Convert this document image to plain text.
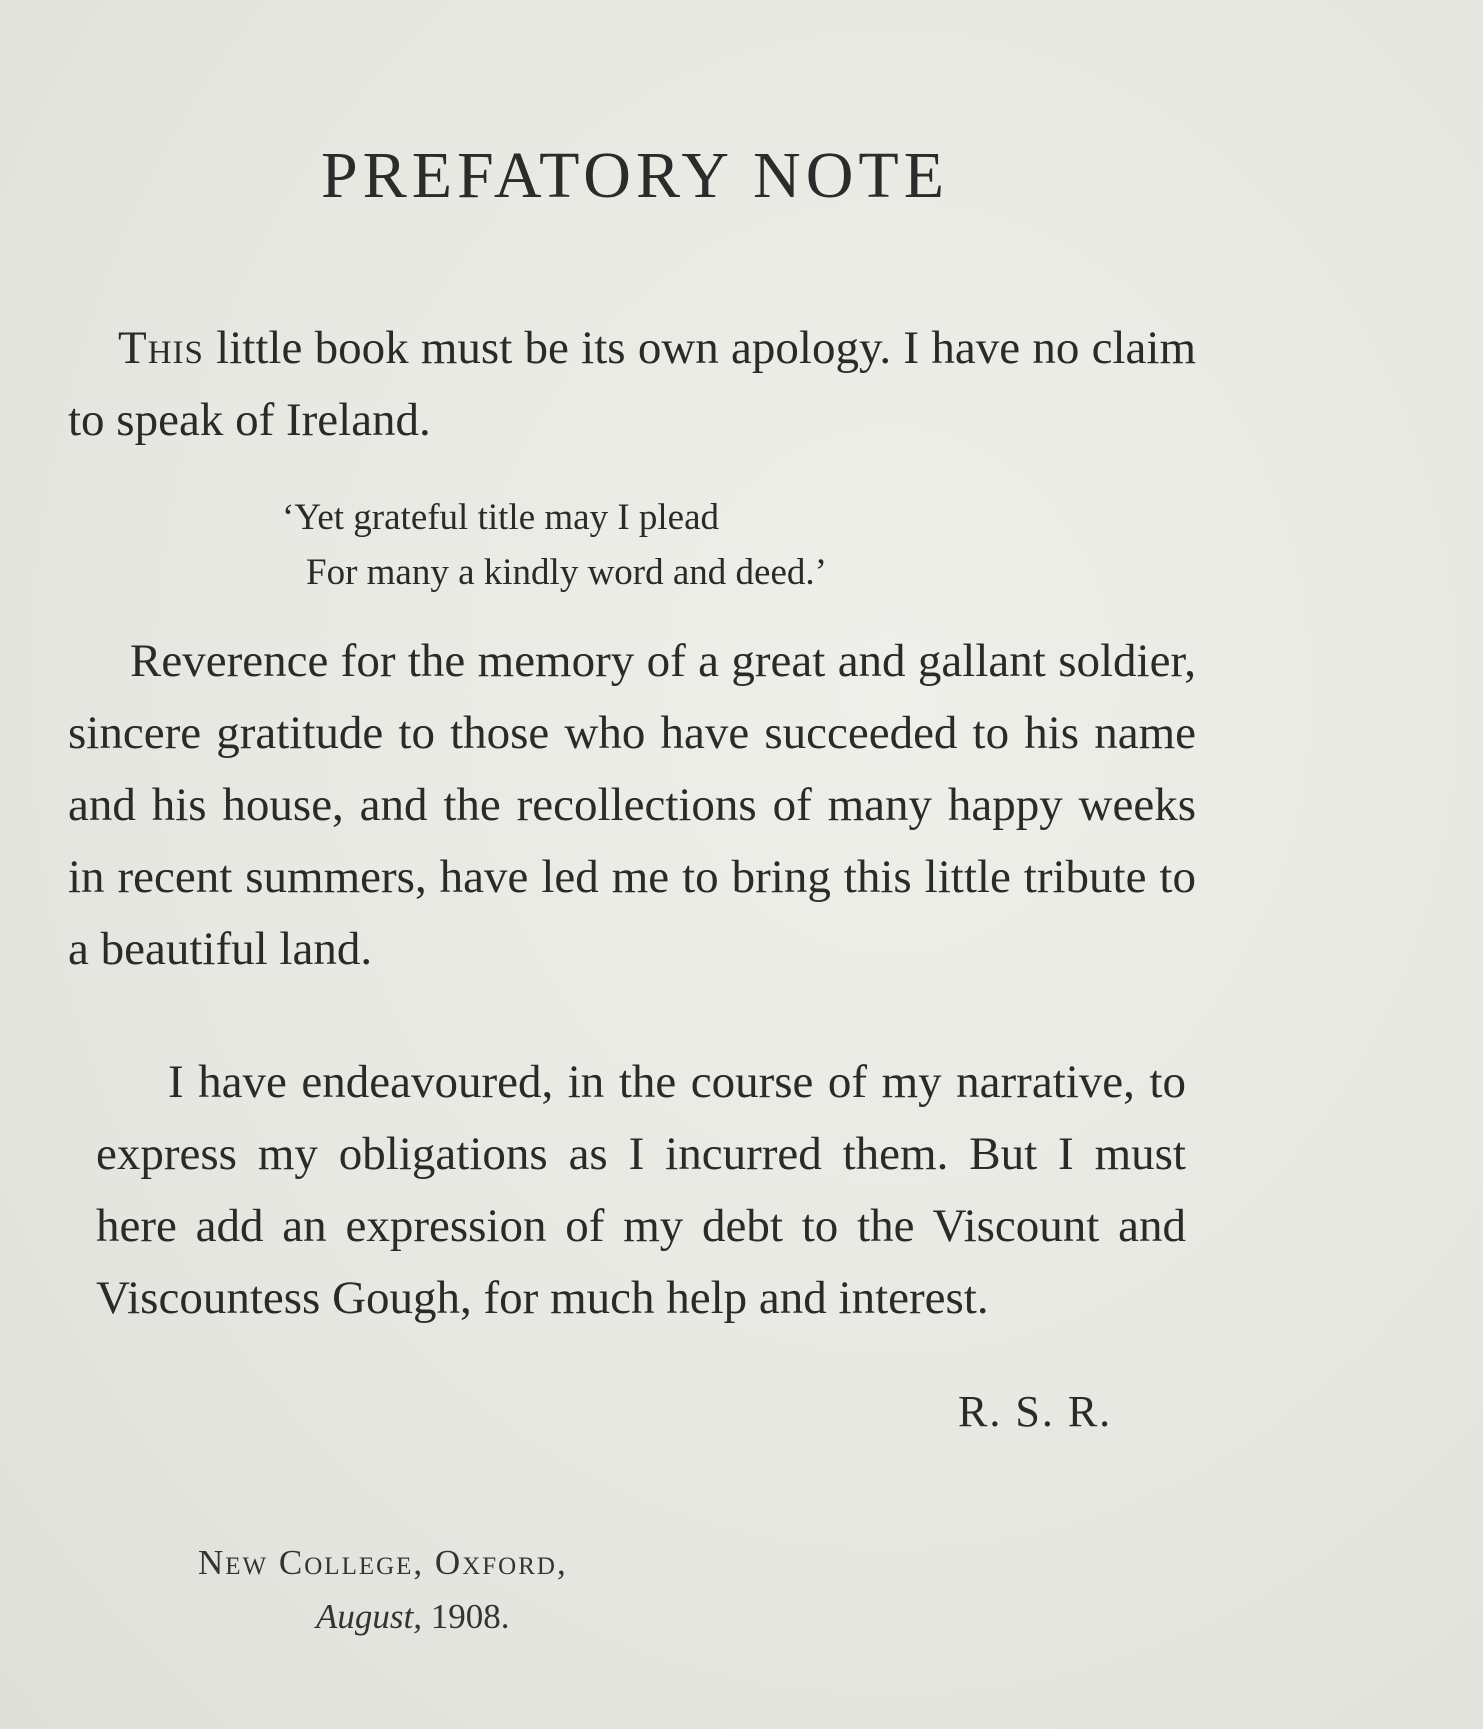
PREFATORY NOTE

This little book must be its own apology. I have no claim to speak of Ireland.

‘Yet grateful title may I plead
For many a kindly word and deed.’

Reverence for the memory of a great and gallant soldier, sincere gratitude to those who have succeeded to his name and his house, and the recollections of many happy weeks in recent summers, have led me to bring this little tribute to a beautiful land.

I have endeavoured, in the course of my narrative, to express my obligations as I incurred them. But I must here add an expression of my debt to the Viscount and Viscountess Gough, for much help and interest.

R. S. R.

New College, Oxford,
August, 1908.
